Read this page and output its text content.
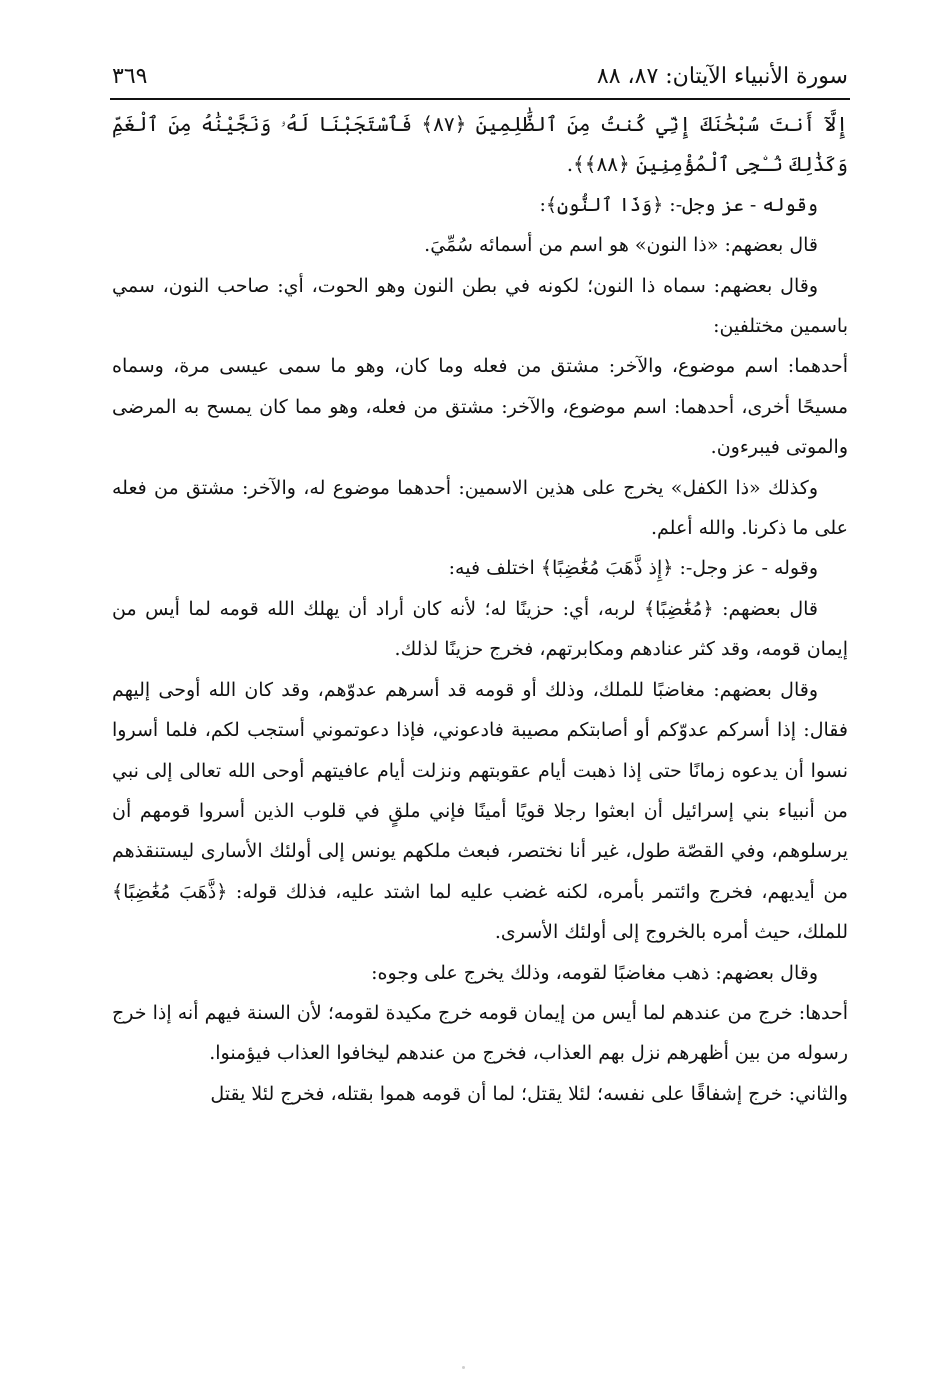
سورة الأنبياء الآيتان: ٨٧، ٨٨
٣٦٩

إِلَّآ أَنتَ سُبْحَٰنَكَ إِنِّي كُنتُ مِنَ ٱلظَّٰلِمِينَ ﴿٨٧﴾ فَٱسْتَجَبْنَا لَهُۥ وَنَجَّيْنَٰهُ مِنَ ٱلْغَمِّ وَكَذَٰلِكَ نُـۨجِى ٱلْمُؤْمِنِينَ ﴿٨٨﴾﴾.

وقوله - عز وجل-: ﴿وَذَا ٱلنُّونِ﴾:

قال بعضهم: «ذا النون» هو اسم من أسمائه سُمِّيَ.

وقال بعضهم: سماه ذا النون؛ لكونه في بطن النون وهو الحوت، أي: صاحب النون، سمي باسمين مختلفين:

أحدهما: اسم موضوع، والآخر: مشتق من فعله وما كان، وهو ما سمى عيسى مرة، وسماه مسيحًا أخرى، أحدهما: اسم موضوع، والآخر: مشتق من فعله، وهو مما كان يمسح به المرضى والموتى فيبرءون.

وكذلك «ذا الكفل» يخرج على هذين الاسمين: أحدهما موضوع له، والآخر: مشتق من فعله على ما ذكرنا. والله أعلم.

وقوله - عز وجل-: ﴿إِذ ذَّهَبَ مُغَٰضِبًا﴾ اختلف فيه:

قال بعضهم: ﴿مُغَٰضِبًا﴾ لربه، أي: حزينًا له؛ لأنه كان أراد أن يهلك الله قومه لما أيس من إيمان قومه، وقد كثر عنادهم ومكابرتهم، فخرج حزينًا لذلك.

وقال بعضهم: مغاضبًا للملك، وذلك أو قومه قد أسرهم عدوّهم، وقد كان الله أوحى إليهم فقال: إذا أسركم عدوّكم أو أصابتكم مصيبة فادعوني، فإذا دعوتموني أستجب لكم، فلما أسروا نسوا أن يدعوه زمانًا حتى إذا ذهبت أيام عقوبتهم ونزلت أيام عافيتهم أوحى الله تعالى إلى نبي من أنبياء بني إسرائيل أن ابعثوا رجلا قويًا أمينًا فإني ملقٍ في قلوب الذين أسروا قومهم أن يرسلوهم، وفي القصّة طول، غير أنا نختصر، فبعث ملكهم يونس إلى أولئك الأسارى ليستنقذهم من أيديهم، فخرج وائتمر بأمره، لكنه غضب عليه لما اشتد عليه، فذلك قوله: ﴿ذَّهَبَ مُغَٰضِبًا﴾ للملك، حيث أمره بالخروج إلى أولئك الأسرى.

وقال بعضهم: ذهب مغاضبًا لقومه، وذلك يخرج على وجوه:

أحدها: خرج من عندهم لما أيس من إيمان قومه خرج مكيدة لقومه؛ لأن السنة فيهم أنه إذا خرج رسوله من بين أظهرهم نزل بهم العذاب، فخرج من عندهم ليخافوا العذاب فيؤمنوا.

والثاني: خرج إشفاقًا على نفسه؛ لئلا يقتل؛ لما أن قومه هموا بقتله، فخرج لئلا يقتل
